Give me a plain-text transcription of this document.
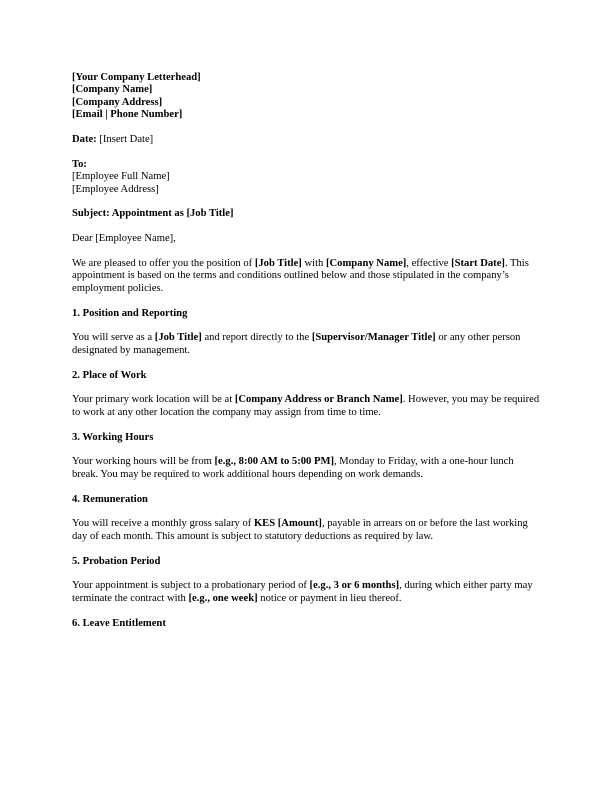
[Your Company Letterhead]
[Company Name]
[Company Address]
[Email | Phone Number]

Date: [Insert Date]

To:
[Employee Full Name]
[Employee Address]

Subject: Appointment as [Job Title]

Dear [Employee Name],

We are pleased to offer you the position of [Job Title] with [Company Name], effective [Start Date]. This appointment is based on the terms and conditions outlined below and those stipulated in the company’s employment policies.

1. Position and Reporting

You will serve as a [Job Title] and report directly to the [Supervisor/Manager Title] or any other person designated by management.

2. Place of Work

Your primary work location will be at [Company Address or Branch Name]. However, you may be required to work at any other location the company may assign from time to time.

3. Working Hours

Your working hours will be from [e.g., 8:00 AM to 5:00 PM], Monday to Friday, with a one-hour lunch break. You may be required to work additional hours depending on work demands.

4. Remuneration

You will receive a monthly gross salary of KES [Amount], payable in arrears on or before the last working day of each month. This amount is subject to statutory deductions as required by law.

5. Probation Period

Your appointment is subject to a probationary period of [e.g., 3 or 6 months], during which either party may terminate the contract with [e.g., one week] notice or payment in lieu thereof.

6. Leave Entitlement
